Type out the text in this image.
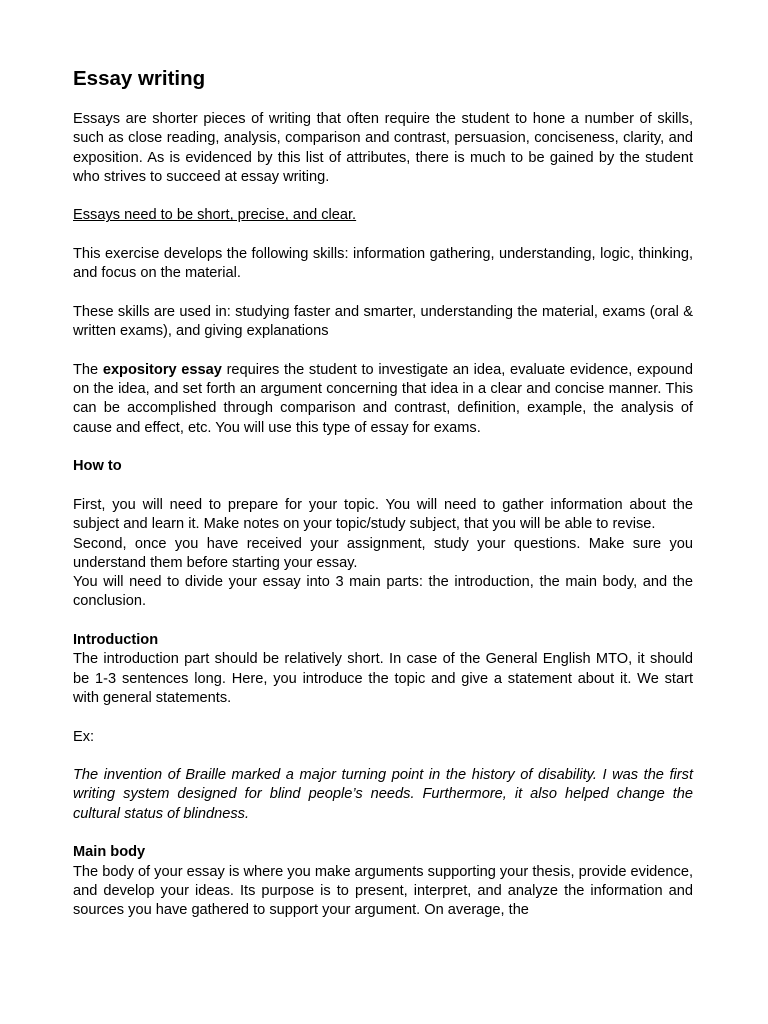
Essay writing

Essays are shorter pieces of writing that often require the student to hone a number of skills, such as close reading, analysis, comparison and contrast, persuasion, conciseness, clarity, and exposition. As is evidenced by this list of attributes, there is much to be gained by the student who strives to succeed at essay writing.

Essays need to be short, precise, and clear.

This exercise develops the following skills: information gathering, understanding, logic, thinking, and focus on the material.

These skills are used in: studying faster and smarter, understanding the material, exams (oral & written exams), and giving explanations

The expository essay requires the student to investigate an idea, evaluate evidence, expound on the idea, and set forth an argument concerning that idea in a clear and concise manner. This can be accomplished through comparison and contrast, definition, example, the analysis of cause and effect, etc. You will use this type of essay for exams.

How to

First, you will need to prepare for your topic. You will need to gather information about the subject and learn it. Make notes on your topic/study subject, that you will be able to revise.

Second, once you have received your assignment, study your questions. Make sure you understand them before starting your essay.

You will need to divide your essay into 3 main parts: the introduction, the main body, and the conclusion.

Introduction

The introduction part should be relatively short. In case of the General English MTO, it should be 1-3 sentences long. Here, you introduce the topic and give a statement about it. We start with general statements.

Ex:

The invention of Braille marked a major turning point in the history of disability. I was the first writing system designed for blind people’s needs. Furthermore, it also helped change the cultural status of blindness.

Main body

The body of your essay is where you make arguments supporting your thesis, provide evidence, and develop your ideas. Its purpose is to present, interpret, and analyze the information and sources you have gathered to support your argument. On average, the
